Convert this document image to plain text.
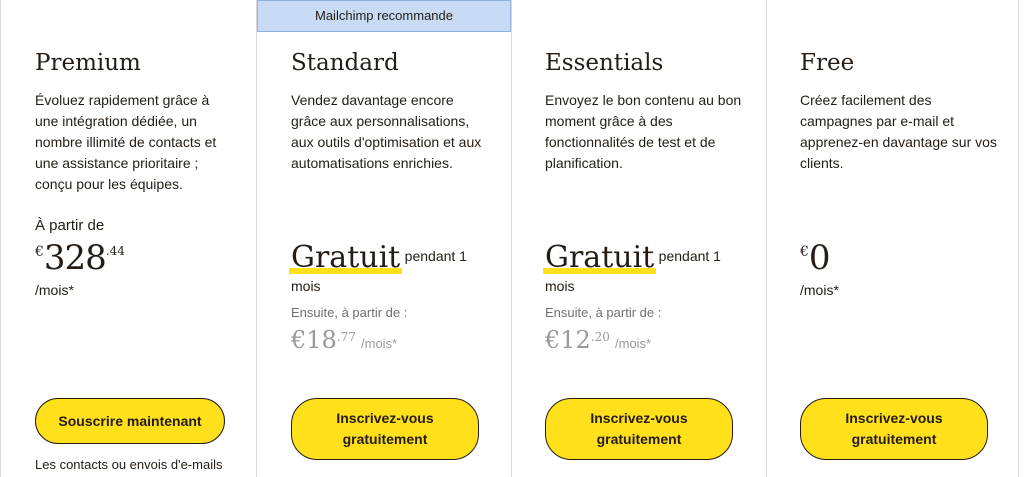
Premium
Évoluez rapidement grâce à une intégration dédiée, un nombre illimité de contacts et une assistance prioritaire ; conçu pour les équipes.
À partir de
$€328^{.44}$
/mois*
Souscrire maintenant
Les contacts ou envois d'e-mails
Mailchimp recommande
Standard
Vendez davantage encore grâce aux personnalisations, aux outils d'optimisation et aux automatisations enrichies.
Gratuit pendant 1
mois
Ensuite, à partir de :
$€18^{.77}$ /mois*
Inscrivez-vous gratuitement
Essentials
Envoyez le bon contenu au bon moment grâce à des fonctionnalités de test et de planification.
Gratuit pendant 1
mois
Ensuite, à partir de :
$€12^{.20}$ /mois*
Inscrivez-vous gratuitement
Free
Créez facilement des campagnes par e-mail et apprenez-en davantage sur vos clients.
€0
/mois*
Inscrivez-vous gratuitement
